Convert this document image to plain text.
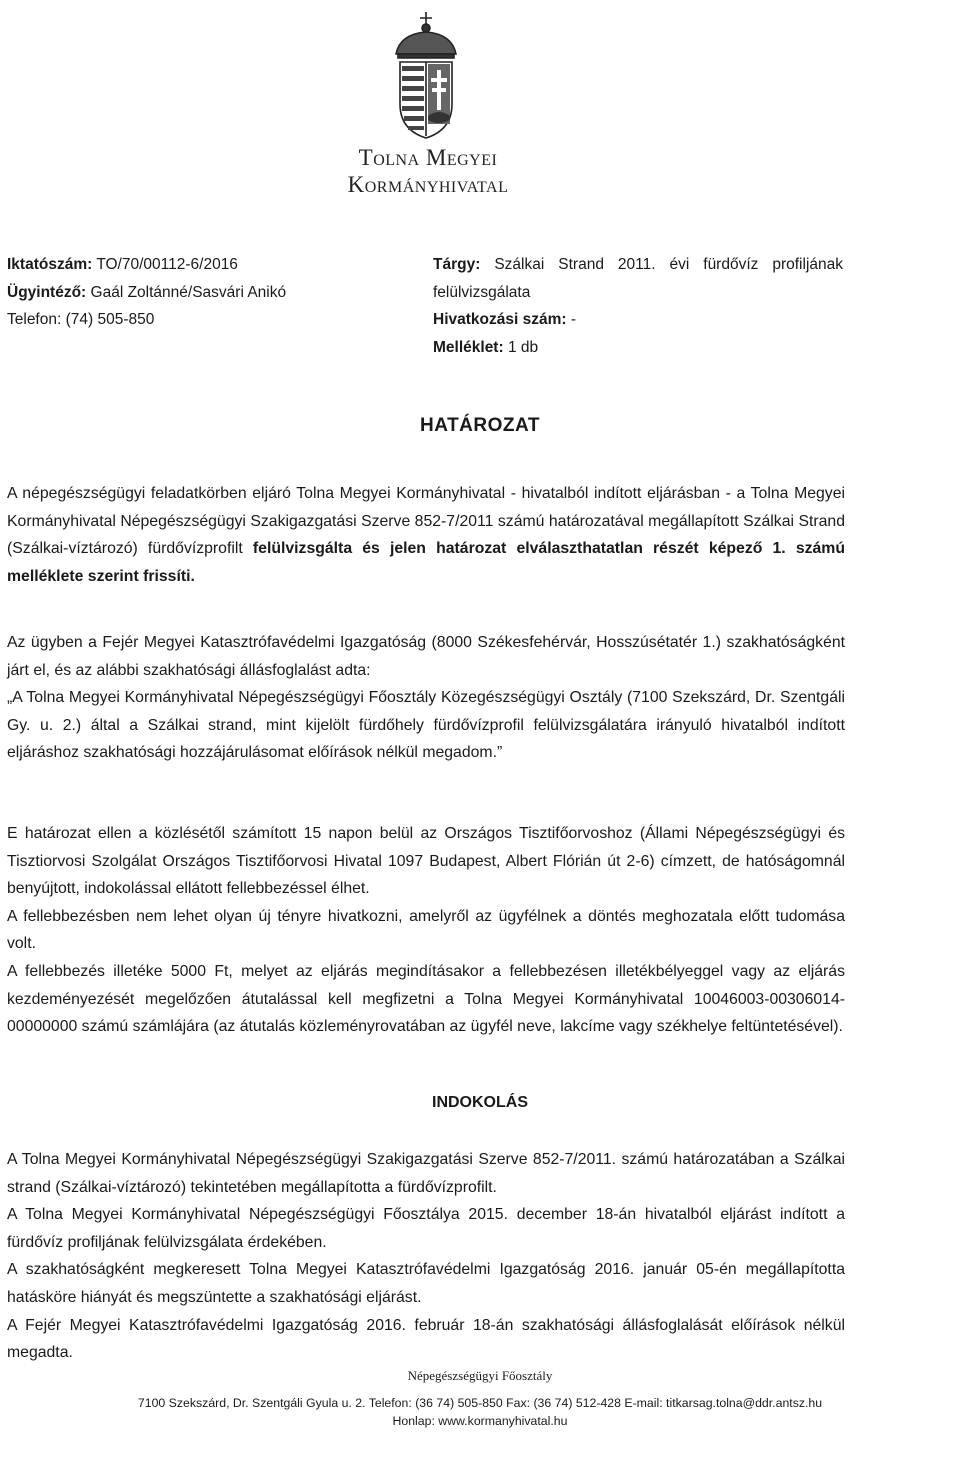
Tolna Megyei
Kormányhivatal
Iktatószám: TO/70/00112-6/2016
Ügyintéző: Gaál Zoltánné/Sasvári Anikó
Telefon: (74) 505-850
Tárgy: Szálkai Strand 2011. évi fürdővíz profiljának felülvizsgálata
Hivatkozási szám: -
Melléklet: 1 db
HATÁROZAT

A népegészségügyi feladatkörben eljáró Tolna Megyei Kormányhivatal - hivatalból indított eljárásban - a Tolna Megyei Kormányhivatal Népegészségügyi Szakigazgatási Szerve 852-7/2011 számú határozatával megállapított Szálkai Strand (Szálkai-víztározó) fürdővízprofilt felülvizsgálta és jelen határozat elválaszthatatlan részét képező 1. számú melléklete szerint frissíti.

Az ügyben a Fejér Megyei Katasztrófavédelmi Igazgatóság (8000 Székesfehérvár, Hosszúsétatér 1.) szakhatóságként járt el, és az alábbi szakhatósági állásfoglalást adta:

„A Tolna Megyei Kormányhivatal Népegészségügyi Főosztály Közegészségügyi Osztály (7100 Szekszárd, Dr. Szentgáli Gy. u. 2.) által a Szálkai strand, mint kijelölt fürdőhely fürdővízprofil felülvizsgálatára irányuló hivatalból indított eljáráshoz szakhatósági hozzájárulásomat előírások nélkül megadom.”

E határozat ellen a közlésétől számított 15 napon belül az Országos Tisztifőorvoshoz (Állami Népegészségügyi és Tisztiorvosi Szolgálat Országos Tisztifőorvosi Hivatal 1097 Budapest, Albert Flórián út 2-6) címzett, de hatóságomnál benyújtott, indokolással ellátott fellebbezéssel élhet.

A fellebbezésben nem lehet olyan új tényre hivatkozni, amelyről az ügyfélnek a döntés meghozatala előtt tudomása volt.

A fellebbezés illetéke 5000 Ft, melyet az eljárás megindításakor a fellebbezésen illetékbélyeggel vagy az eljárás kezdeményezését megelőzően átutalással kell megfizetni a Tolna Megyei Kormányhivatal 10046003-00306014-00000000 számú számlájára (az átutalás közleményrovatában az ügyfél neve, lakcíme vagy székhelye feltüntetésével).

INDOKOLÁS

A Tolna Megyei Kormányhivatal Népegészségügyi Szakigazgatási Szerve 852-7/2011. számú határozatában a Szálkai strand (Szálkai-víztározó) tekintetében megállapította a fürdővízprofilt.

A Tolna Megyei Kormányhivatal Népegészségügyi Főosztálya 2015. december 18-án hivatalból eljárást indított a fürdővíz profiljának felülvizsgálata érdekében.

A szakhatóságként megkeresett Tolna Megyei Katasztrófavédelmi Igazgatóság 2016. január 05-én megállapította hatásköre hiányát és megszüntette a szakhatósági eljárást.

A Fejér Megyei Katasztrófavédelmi Igazgatóság 2016. február 18-án szakhatósági állásfoglalását előírások nélkül megadta.

Népegészségügyi Főosztály
7100 Szekszárd, Dr. Szentgáli Gyula u. 2. Telefon: (36 74) 505-850 Fax: (36 74) 512-428 E-mail: titkarsag.tolna@ddr.antsz.hu
Honlap: www.kormanyhivatal.hu
